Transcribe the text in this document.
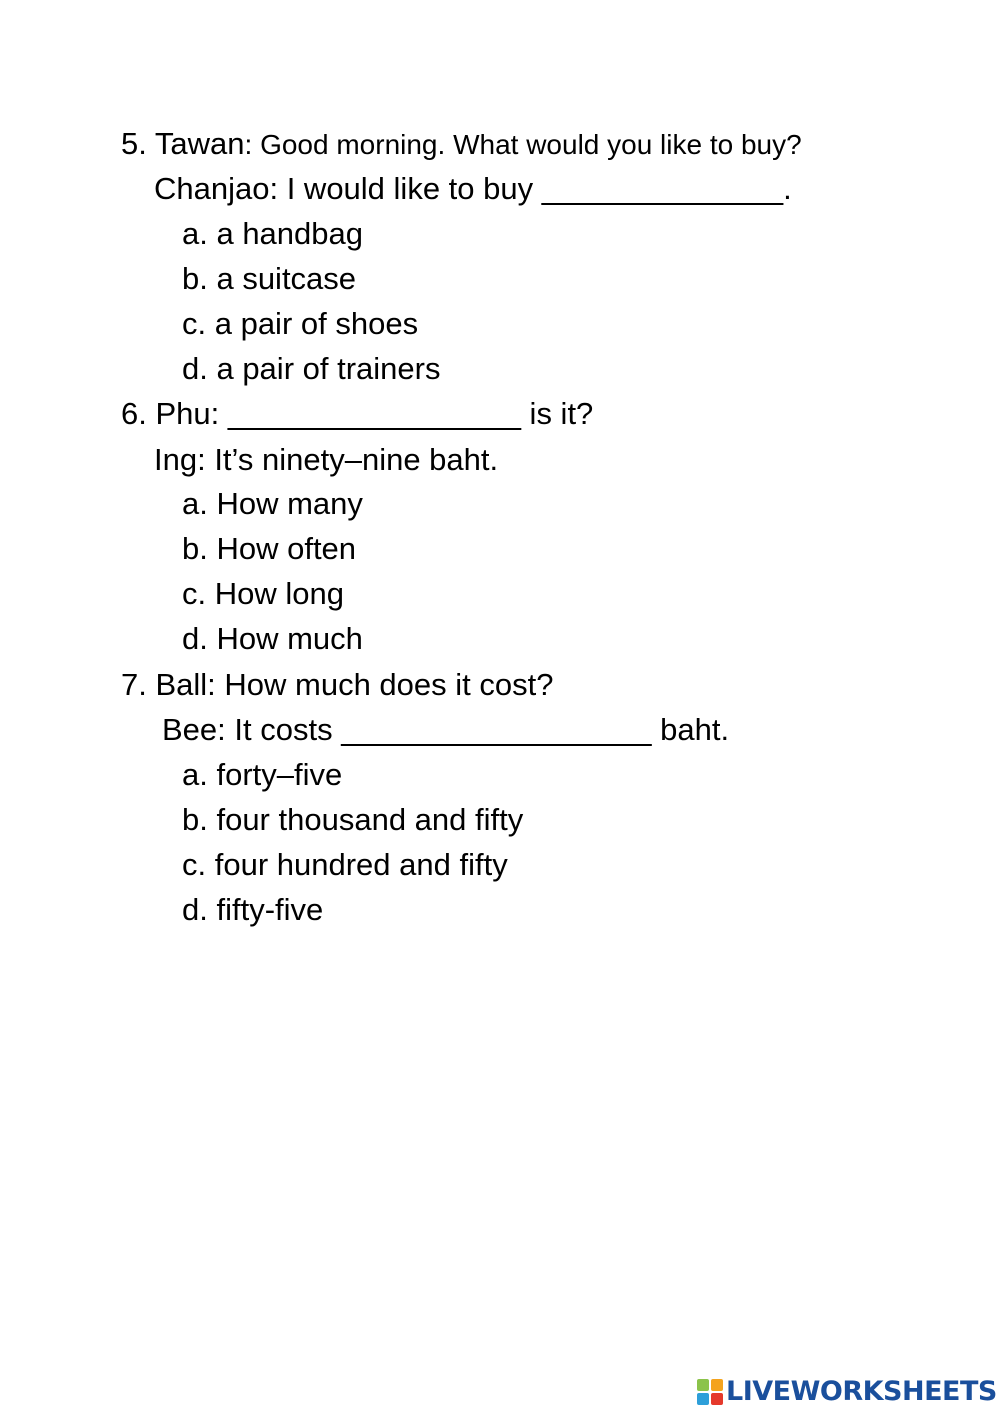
5. Tawan: Good morning. What would you like to buy?
Chanjao: I would like to buy ______________.
a. a handbag
b. a suitcase
c. a pair of shoes
d. a pair of trainers
6. Phu: _________________ is it?
Ing: It’s ninety–nine baht.
a. How many
b. How often
c. How long
d. How much
7. Ball: How much does it cost?
Bee: It costs __________________ baht.
a. forty–five
b. four thousand and fifty
c. four hundred and fifty
d. fifty-five
LIVEWORKSHEETS
